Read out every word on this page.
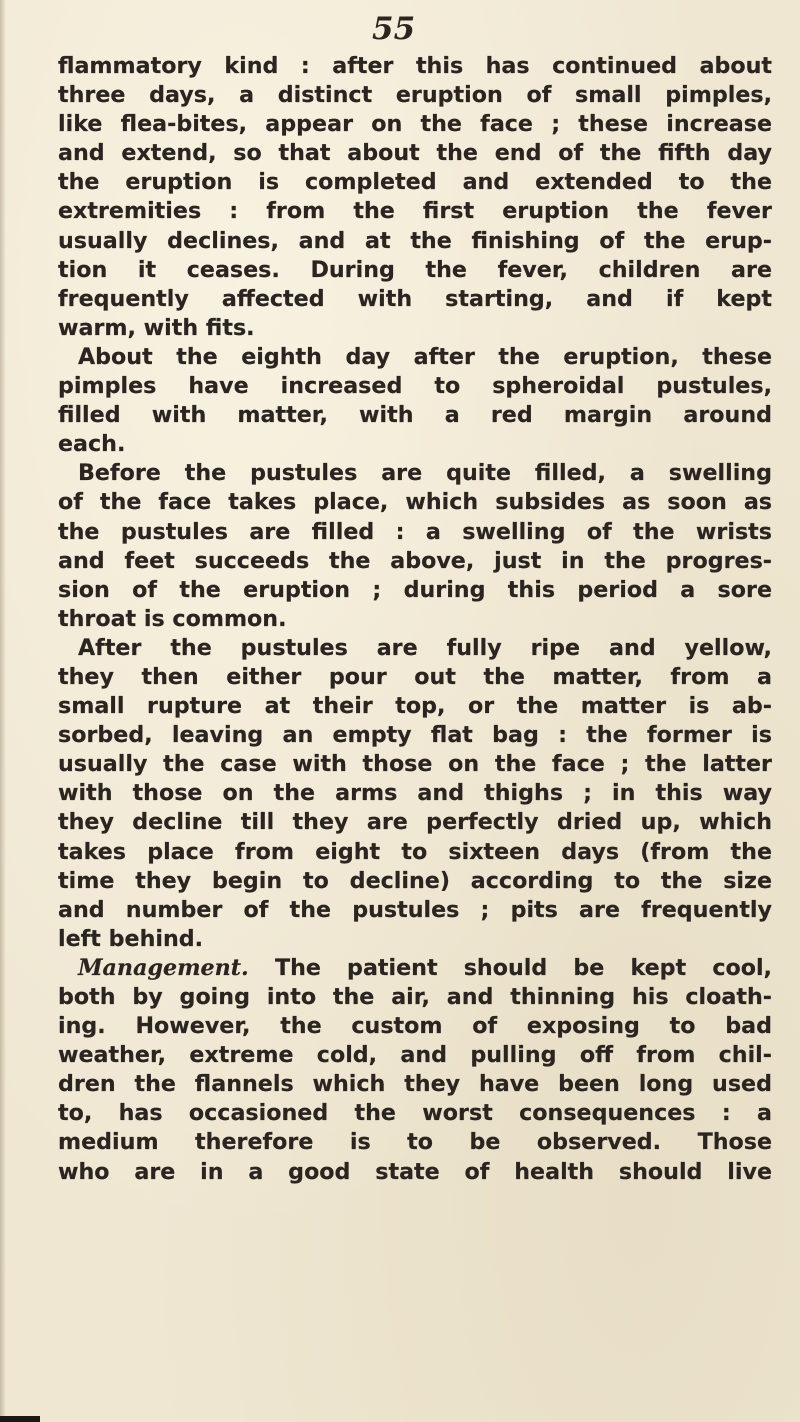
55

flammatory kind : after this has continued about
three days, a distinct eruption of small pimples,
like flea-bites, appear on the face ; these increase
and extend, so that about the end of the fifth day
the eruption is completed and extended to the
extremities : from the first eruption the fever
usually declines, and at the finishing of the erup-
tion it ceases. During the fever, children are
frequently affected with starting, and if kept
warm, with fits.
About the eighth day after the eruption, these
pimples have increased to spheroidal pustules,
filled with matter, with a red margin around
each.
Before the pustules are quite filled, a swelling
of the face takes place, which subsides as soon as
the pustules are filled : a swelling of the wrists
and feet succeeds the above, just in the progres-
sion of the eruption ; during this period a sore
throat is common.
After the pustules are fully ripe and yellow,
they then either pour out the matter, from a
small rupture at their top, or the matter is ab-
sorbed, leaving an empty flat bag : the former is
usually the case with those on the face ; the latter
with those on the arms and thighs ; in this way
they decline till they are perfectly dried up, which
takes place from eight to sixteen days (from the
time they begin to decline) according to the size
and number of the pustules ; pits are frequently
left behind.
Management. The patient should be kept cool,
both by going into the air, and thinning his cloath-
ing. However, the custom of exposing to bad
weather, extreme cold, and pulling off from chil-
dren the flannels which they have been long used
to, has occasioned the worst consequences : a
medium therefore is to be observed. Those
who are in a good state of health should live
